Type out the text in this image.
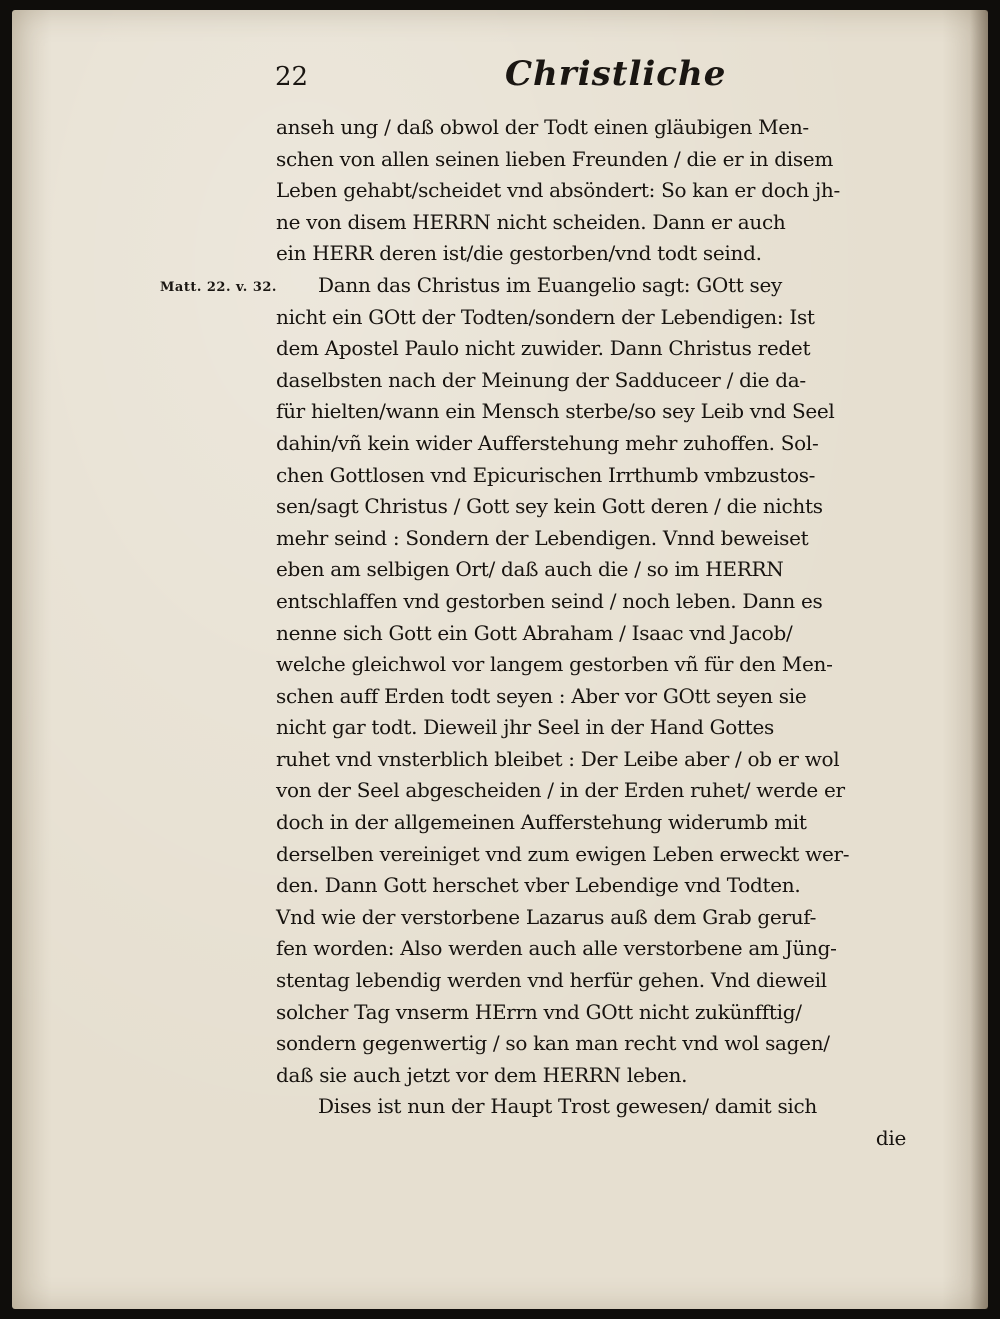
22	Christliche
Matt. 22. v. 32.
anseh ung / daß obwol der Todt einen gläubigen Men-
schen von allen seinen lieben Freunden / die er in disem
Leben gehabt/scheidet vnd absöndert: So kan er doch jh-
ne von disem HERRN nicht scheiden. Dann er auch
ein HERR deren ist/die gestorben/vnd todt seind.
Dann das Christus im Euangelio sagt: GOtt sey
nicht ein GOtt der Todten/sondern der Lebendigen: Ist
dem Apostel Paulo nicht zuwider. Dann Christus redet
daselbsten nach der Meinung der Sadduceer / die da-
für hielten/wann ein Mensch sterbe/so sey Leib vnd Seel
dahin/vñ kein wider Aufferstehung mehr zuhoffen. Sol-
chen Gottlosen vnd Epicurischen Irrthumb vmbzustos-
sen/sagt Christus / Gott sey kein Gott deren / die nichts
mehr seind : Sondern der Lebendigen. Vnnd beweiset
eben am selbigen Ort/ daß auch die / so im HERRN
entschlaffen vnd gestorben seind / noch leben. Dann es
nenne sich Gott ein Gott Abraham / Isaac vnd Jacob/
welche gleichwol vor langem gestorben vñ für den Men-
schen auff Erden todt seyen : Aber vor GOtt seyen sie
nicht gar todt. Dieweil jhr Seel in der Hand Gottes
ruhet vnd vnsterblich bleibet : Der Leibe aber / ob er wol
von der Seel abgescheiden / in der Erden ruhet/ werde er
doch in der allgemeinen Aufferstehung widerumb mit
derselben vereiniget vnd zum ewigen Leben erweckt wer-
den. Dann Gott herschet vber Lebendige vnd Todten.
Vnd wie der verstorbene Lazarus auß dem Grab geruf-
fen worden: Also werden auch alle verstorbene am Jüng-
stentag lebendig werden vnd herfür gehen. Vnd dieweil
solcher Tag vnserm HErrn vnd GOtt nicht zukünfftig/
sondern gegenwertig / so kan man recht vnd wol sagen/
daß sie auch jetzt vor dem HERRN leben.
Dises ist nun der Haupt Trost gewesen/ damit sich
die
